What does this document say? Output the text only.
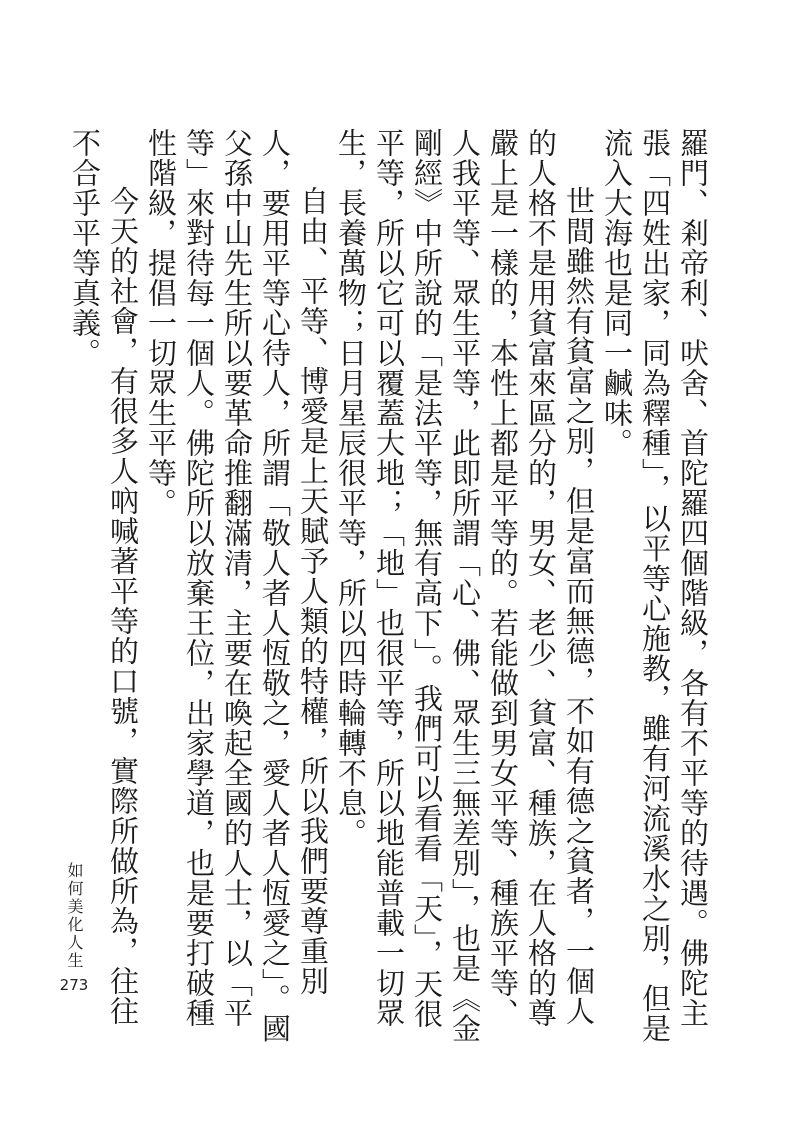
羅門、剎帝利、吠舍、首陀羅四個階級，各有不平等的待遇。佛陀主張「四姓出家，同為釋種」，以平等心施教，雖有河流溪水之別，但是流入大海也是同一鹹味。

世間雖然有貧富之別，但是富而無德，不如有德之貧者，一個人的人格不是用貧富來區分的，男女、老少、貧富、種族，在人格的尊嚴上是一樣的，本性上都是平等的。若能做到男女平等、種族平等、人我平等、眾生平等，此即所謂「心、佛、眾生三無差別」，也是《金剛經》中所說的「是法平等，無有高下」。我們可以看看「天」，天很平等，所以它可以覆蓋大地；「地」也很平等，所以地能普載一切眾生，長養萬物；日月星辰很平等，所以四時輪轉不息。

自由、平等、博愛是上天賦予人類的特權，所以我們要尊重別人，要用平等心待人，所謂「敬人者人恆敬之，愛人者人恆愛之」。國父孫中山先生所以要革命推翻滿清，主要在喚起全國的人士，以「平等」來對待每一個人。佛陀所以放棄王位，出家學道，也是要打破種性階級，提倡一切眾生平等。

今天的社會，有很多人吶喊著平等的口號，實際所做所為，往往不合乎平等真義。

如何美化人生
273
